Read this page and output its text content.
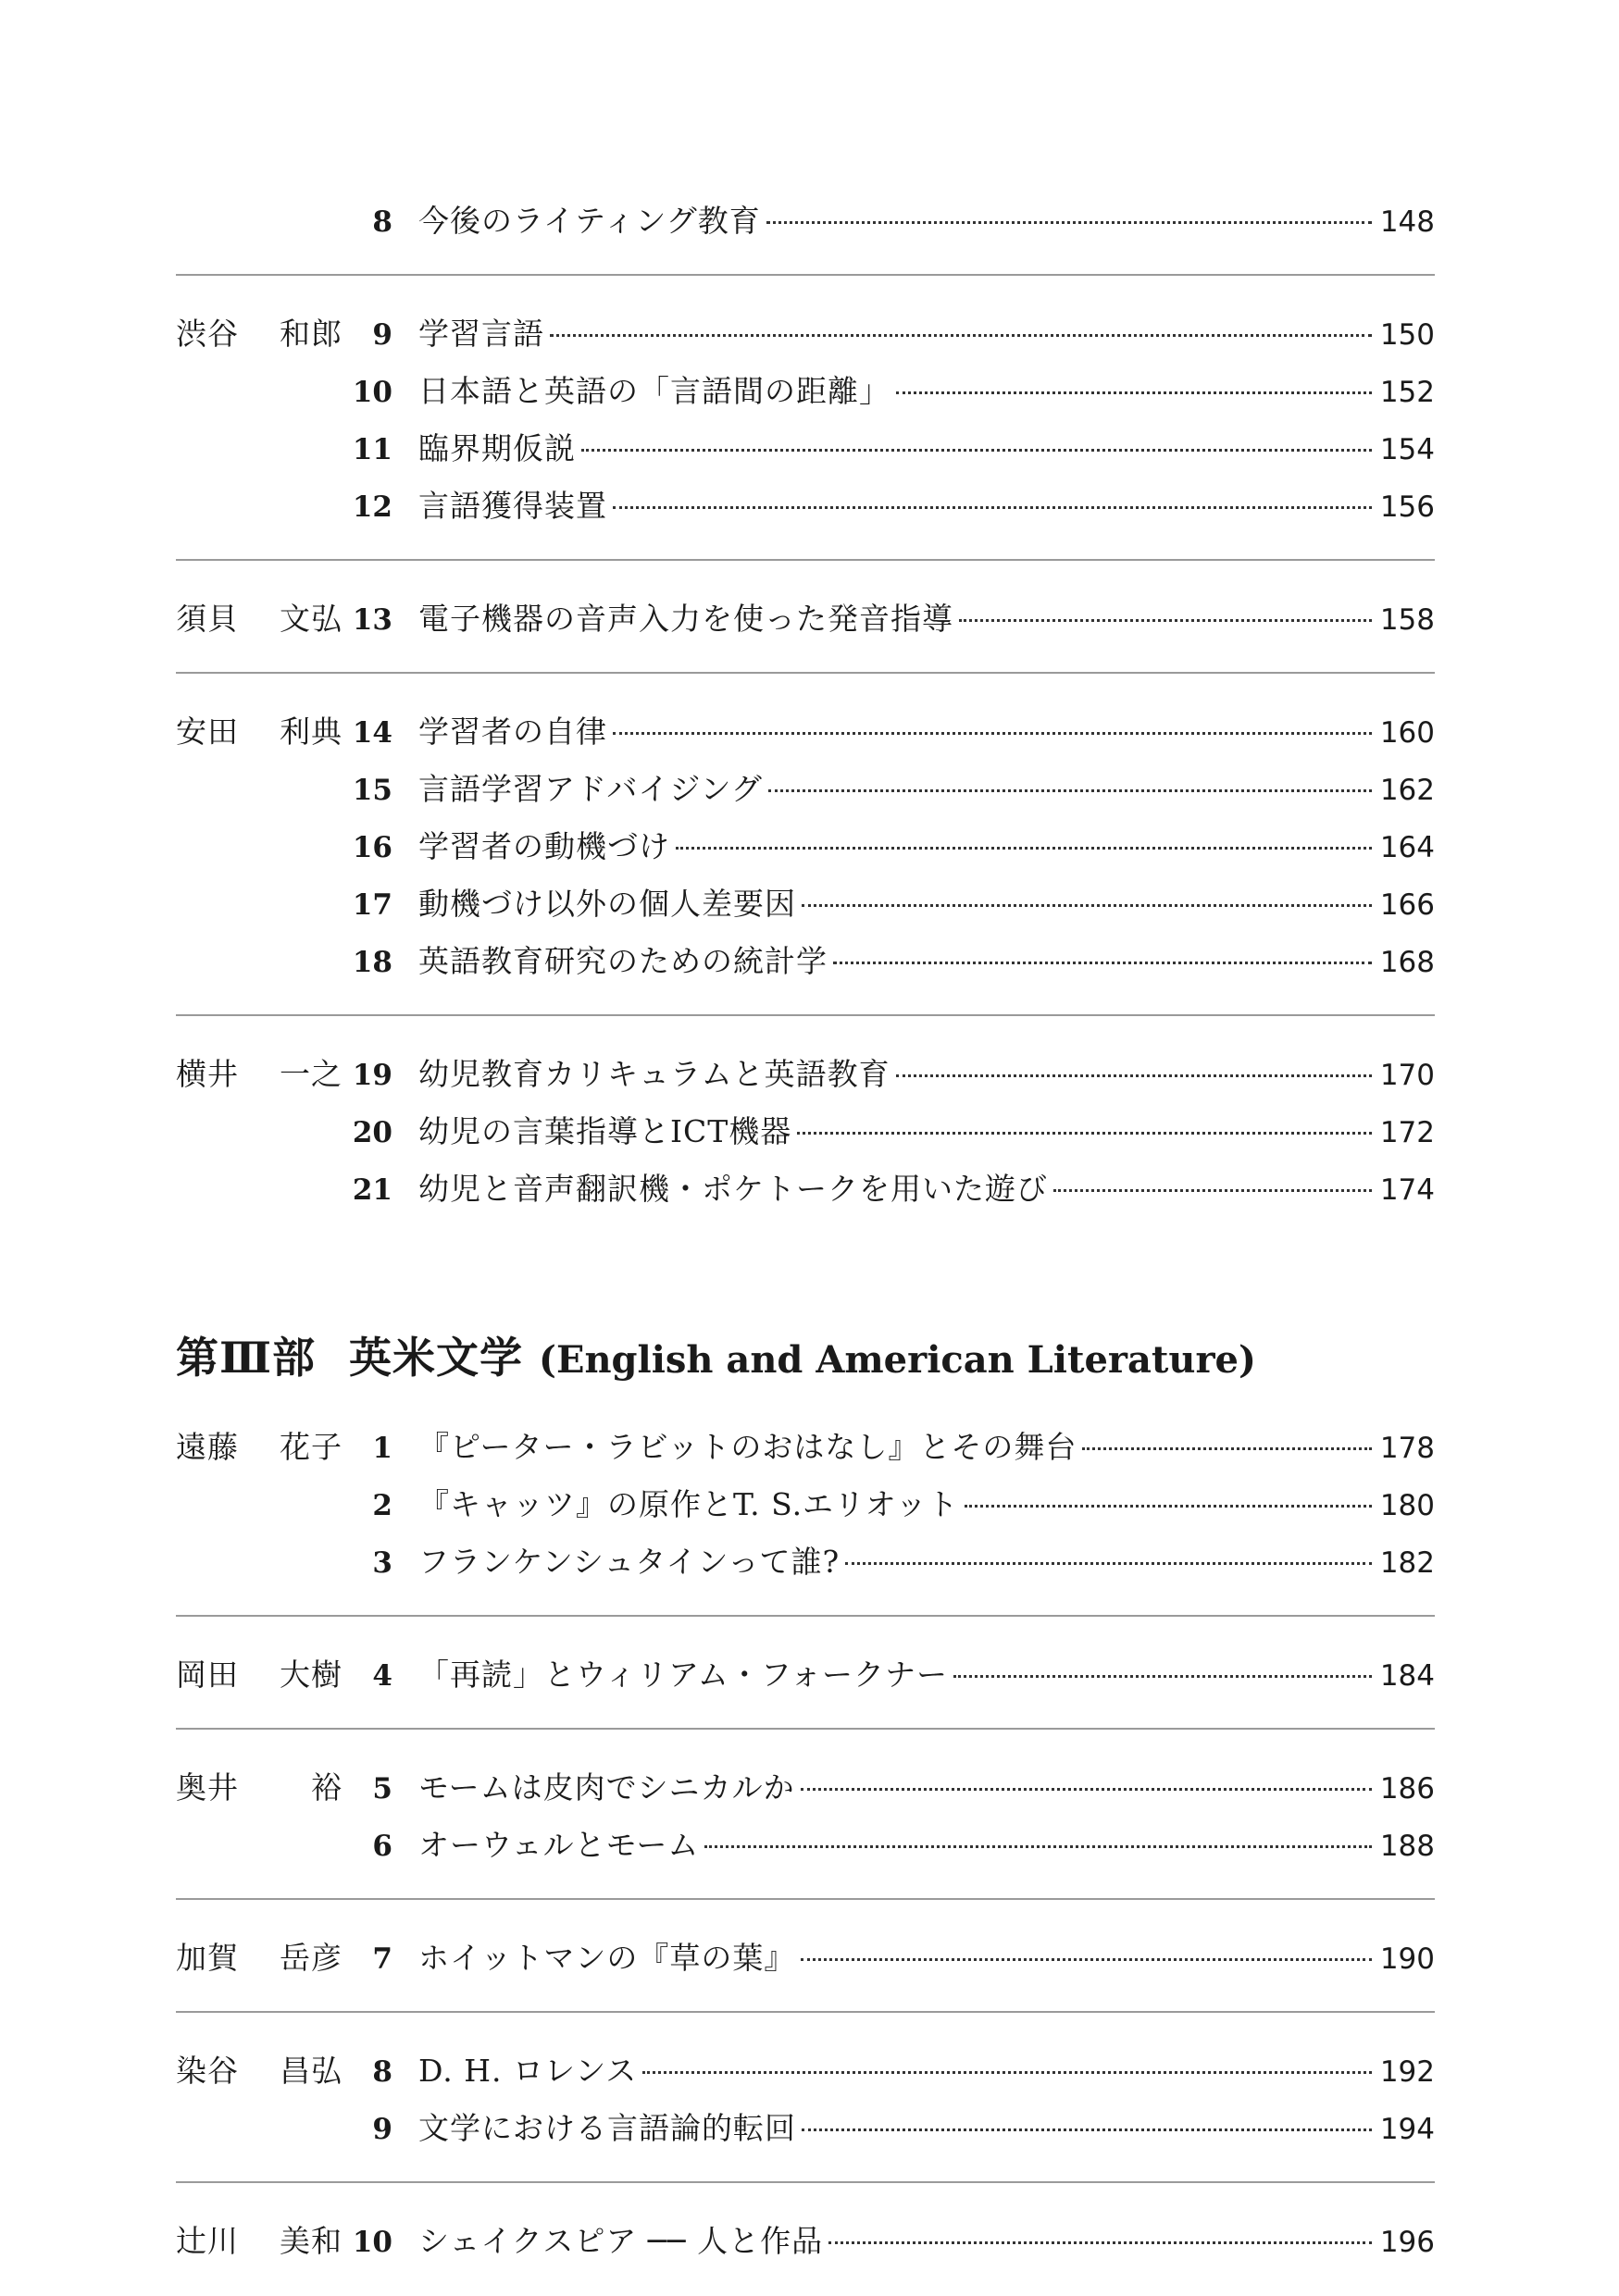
8 今後のライティング教育	148
渋谷 和郎	9 学習言語	150
10 日本語と英語の「言語間の距離」	152
11 臨界期仮説	154
12 言語獲得装置	156
須貝 文弘 13 電子機器の音声入力を使った発音指導	158
安田 利典 14 学習者の自律	160
15 言語学習アドバイジング	162
16 学習者の動機づけ	164
17 動機づけ以外の個人差要因	166
18 英語教育研究のための統計学	168
横井 一之 19 幼児教育カリキュラムと英語教育	170
20 幼児の言葉指導とICT機器	172
21 幼児と音声翻訳機・ポケトークを用いた遊び	174
第Ⅲ部 英米文学 (English and American Literature)
遠藤 花子	1 『ピーター・ラビットのおはなし』とその舞台	178
2 『キャッツ』の原作とT. S.エリオット	180
3 フランケンシュタインって誰?	182
岡田 大樹	4 「再読」とウィリアム・フォークナー	184
奥井 裕	5 モームは皮肉でシニカルか	186
6 オーウェルとモーム	188
加賀 岳彦	7 ホイットマンの『草の葉』	190
染谷 昌弘	8 D. H. ロレンス	192
9 文学における言語論的転回	194
辻川 美和 10 シェイクスピア ── 人と作品	196
